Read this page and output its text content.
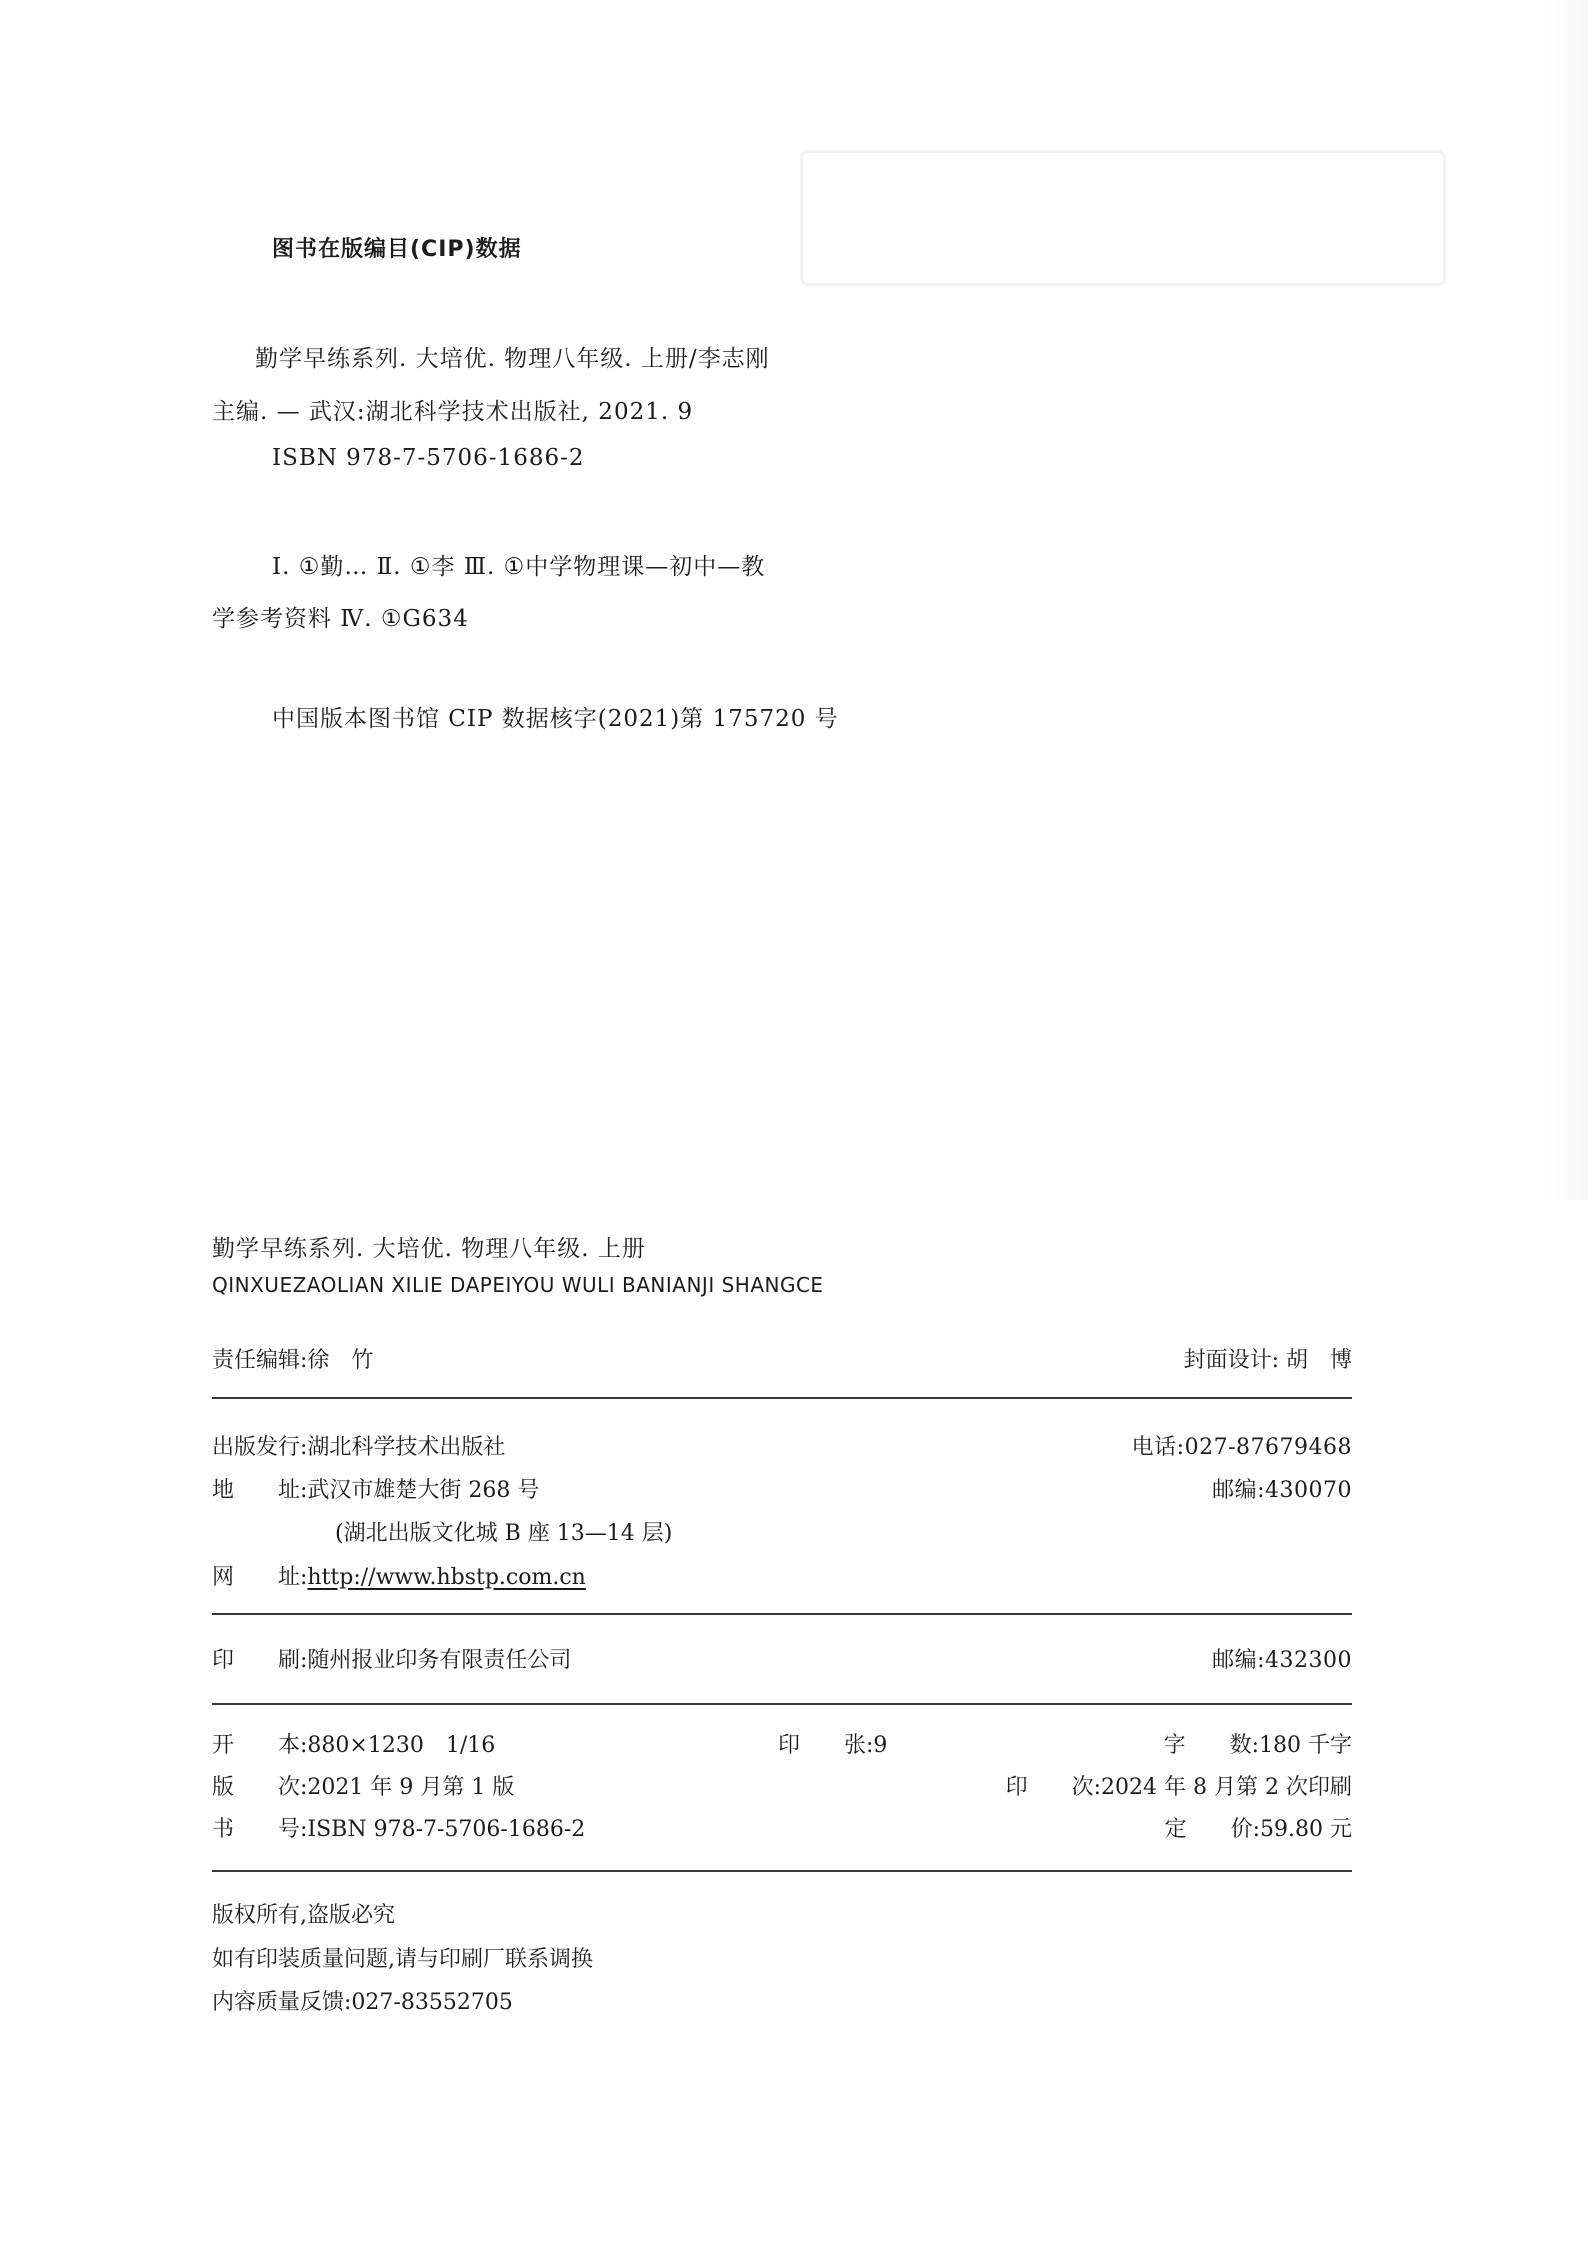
图书在版编目(CIP)数据
勤学早练系列. 大培优. 物理八年级. 上册/李志刚
主编. — 武汉:湖北科学技术出版社, 2021. 9
ISBN 978-7-5706-1686-2
Ⅰ. ①勤… Ⅱ. ①李 Ⅲ. ①中学物理课—初中—教
学参考资料 Ⅳ. ①G634
中国版本图书馆 CIP 数据核字(2021)第 175720 号
勤学早练系列. 大培优. 物理八年级. 上册
QINXUEZAOLIAN XILIE DAPEIYOU WULI BANIANJI SHANGCE
责任编辑:徐　竹	封面设计: 胡　博
出版发行:湖北科学技术出版社	电话:027-87679468
地　　址:武汉市雄楚大街 268 号	邮编:430070
(湖北出版文化城 B 座 13—14 层)
网　　址:http://www.hbstp.com.cn
印　　刷:随州报业印务有限责任公司	邮编:432300
开　　本:880×1230　1/16	印　　张:9	字　　数:180 千字
版　　次:2021 年 9 月第 1 版	印　　次:2024 年 8 月第 2 次印刷
书　　号:ISBN 978-7-5706-1686-2	定　　价:59.80 元
版权所有,盗版必究
如有印装质量问题,请与印刷厂联系调换
内容质量反馈:027-83552705
